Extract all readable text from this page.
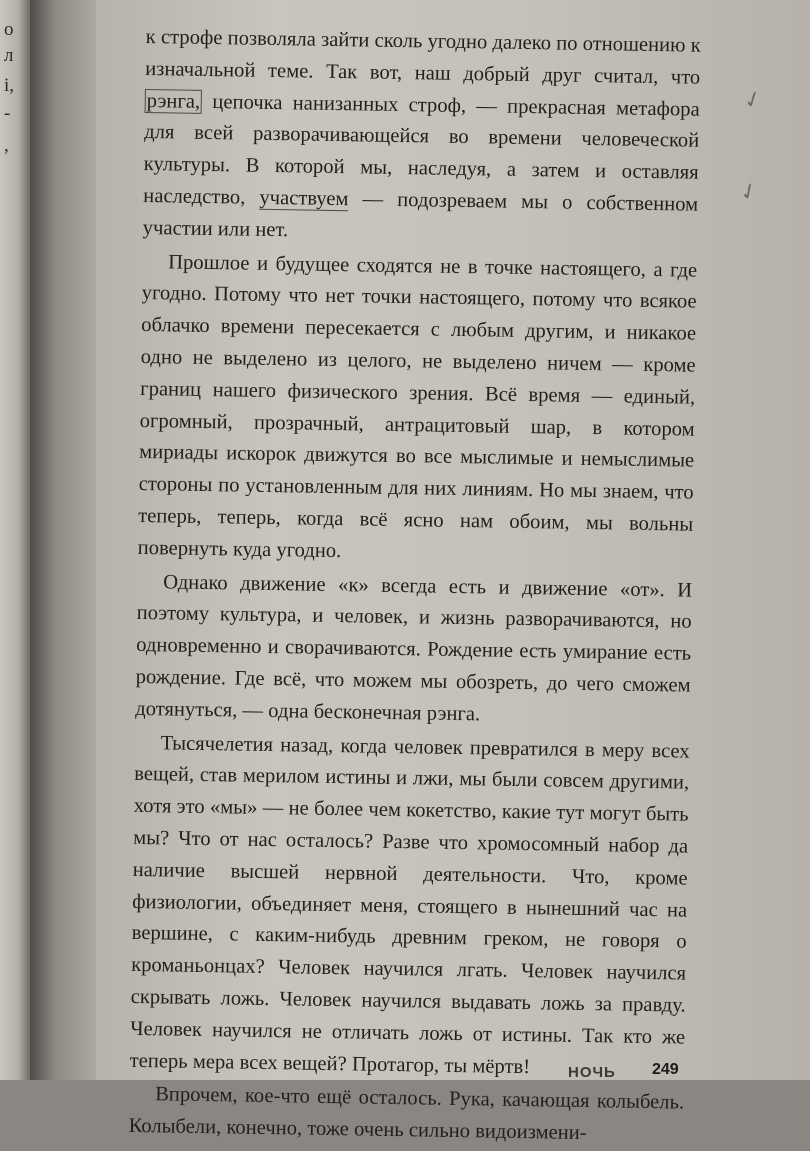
о
л
і,
-
,

к строфе позволяла зайти сколь угодно далеко по отношению к изначальной теме. Так вот, наш добрый друг считал, что рэнга, цепочка нанизанных строф, — прекрасная метафора для всей разворачивающейся во времени человеческой культуры. В которой мы, наследуя, а затем и оставляя наследство, участвуем — подозреваем мы о собственном участии или нет.

Прошлое и будущее сходятся не в точке настоящего, а где угодно. Потому что нет точки настоящего, потому что всякое облачко времени пересекается с любым другим, и никакое одно не выделено из целого, не выделено ничем — кроме границ нашего физического зрения. Всё время — единый, огромный, прозрачный, антрацитовый шар, в котором мириады искорок движутся во все мыслимые и немыслимые стороны по установленным для них линиям. Но мы знаем, что теперь, теперь, когда всё ясно нам обоим, мы вольны повернуть куда угодно.

Однако движение «к» всегда есть и движение «от». И поэтому культура, и человек, и жизнь разворачиваются, но одновременно и сворачиваются. Рождение есть умирание есть рождение. Где всё, что можем мы обозреть, до чего сможем дотянуться, — одна бесконечная рэнга.

Тысячелетия назад, когда человек превратился в меру всех вещей, став мерилом истины и лжи, мы были совсем другими, хотя это «мы» — не более чем кокетство, какие тут могут быть мы? Что от нас осталось? Разве что хромосомный набор да наличие высшей нервной деятельности. Что, кроме физиологии, объединяет меня, стоящего в нынешний час на вершине, с каким-нибудь древним греком, не говоря о кроманьонцах? Человек научился лгать. Человек научился скрывать ложь. Человек научился выдавать ложь за правду. Человек научился не отличать ложь от истины. Так кто же теперь мера всех вещей? Протагор, ты мёртв!

Впрочем, кое-что ещё осталось. Рука, качающая колыбель. Колыбели, конечно, тоже очень сильно видоизмени-

✓
✓
НОЧЬ 249
